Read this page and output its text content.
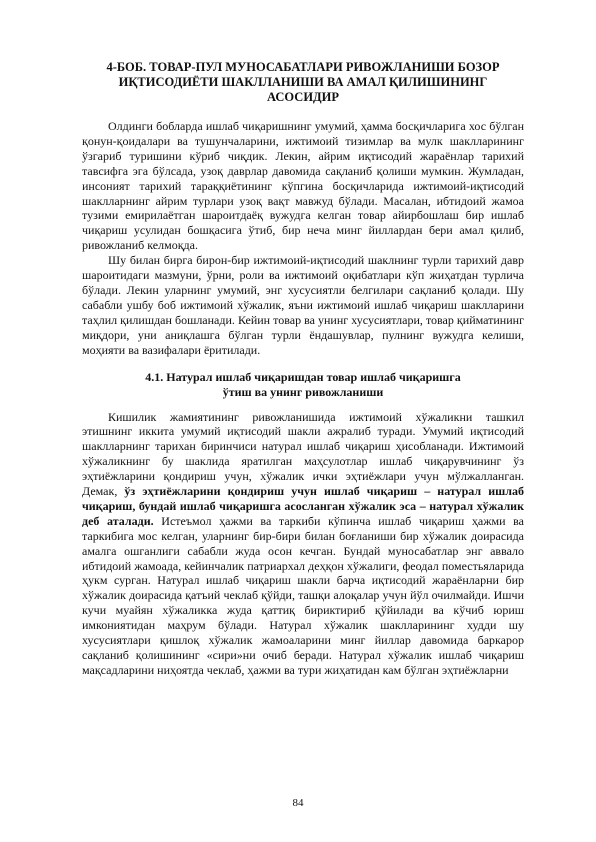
4-БОБ. ТОВАР-ПУЛ МУНОСАБАТЛАРИ РИВОЖЛАНИШИ БОЗОР
ИҚТИСОДИЁТИ ШАКЛЛАНИШИ ВА АМАЛ ҚИЛИШИНИНГ
АСОСИДИР

Олдинги бобларда ишлаб чиқаришнинг умумий, ҳамма босқичларига хос бўлган қонун-қоидалари ва тушунчаларини, ижтимоий тизимлар ва мулк шаклларининг ўзгариб туришини кўриб чиқдик. Лекин, айрим иқтисодий жараёнлар тарихий тавсифга эга бўлсада, узоқ даврлар давомида сақланиб қолиши мумкин. Жумладан, инсоният тарихий тараққиётининг кўпгина босқичларида ижтимоий-иқтисодий шаклларнинг айрим турлари узоқ вақт мавжуд бўлади. Масалан, ибтидоий жамоа тузими емирилаётган шароитдаёқ вужудга келган товар айирбошлаш бир ишлаб чиқариш усулидан бошқасига ўтиб, бир неча минг йиллардан бери амал қилиб, ривожланиб келмоқда.

Шу билан бирга бирон-бир ижтимоий-иқтисодий шаклнинг турли тарихий давр шароитидаги мазмуни, ўрни, роли ва ижтимоий оқибатлари кўп жиҳатдан турлича бўлади. Лекин уларнинг умумий, энг хусусиятли белгилари сақланиб қолади. Шу сабабли ушбу боб ижтимоий хўжалик, яъни ижтимоий ишлаб чиқариш шаклларини таҳлил қилишдан бошланади. Кейин товар ва унинг хусусиятлари, товар қийматининг миқдори, уни аниқлашга бўлган турли ёндашувлар, пулнинг вужудга келиши, моҳияти ва вазифалари ёритилади.

4.1. Натурал ишлаб чиқаришдан товар ишлаб чиқаришга
ўтиш ва унинг ривожланиши

Кишилик жамиятининг ривожланишида ижтимоий хўжаликни ташкил этишнинг иккита умумий иқтисодий шакли ажралиб туради. Умумий иқтисодий шаклларнинг тарихан биринчиси натурал ишлаб чиқариш ҳисобланади. Ижтимоий хўжаликнинг бу шаклида яратилган маҳсулотлар ишлаб чиқарувчининг ўз эҳтиёжларини қондириш учун, хўжалик ички эҳтиёжлари учун мўлжалланган. Демак, ўз эҳтиёжларини қондириш учун ишлаб чиқариш – натурал ишлаб чиқариш, бундай ишлаб чиқаришга асосланган хўжалик эса – натурал хўжалик деб аталади. Истеъмол ҳажми ва таркиби кўпинча ишлаб чиқариш ҳажми ва таркибига мос келган, уларнинг бир-бири билан боғланиши бир хўжалик доирасида амалга ошганлиги сабабли жуда осон кечган. Бундай муносабатлар энг аввало ибтидоий жамоада, кейинчалик патриархал деҳқон хўжалиги, феодал поместьяларида ҳукм сурган. Натурал ишлаб чиқариш шакли барча иқтисодий жараёнларни бир хўжалик доирасида қатъий чеклаб қўйди, ташқи алоқалар учун йўл очилмайди. Ишчи кучи муайян хўжаликка жуда қаттиқ бириктириб қўйилади ва кўчиб юриш имкониятидан маҳрум бўлади. Натурал хўжалик шаклларининг худди шу хусусиятлари қишлоқ хўжалик жамоаларини минг йиллар давомида баркарор сақланиб қолишининг «сири»ни очиб беради. Натурал хўжалик ишлаб чиқариш мақсадларини ниҳоятда чеклаб, ҳажми ва тури жиҳатидан кам бўлган эҳтиёжларни

84
